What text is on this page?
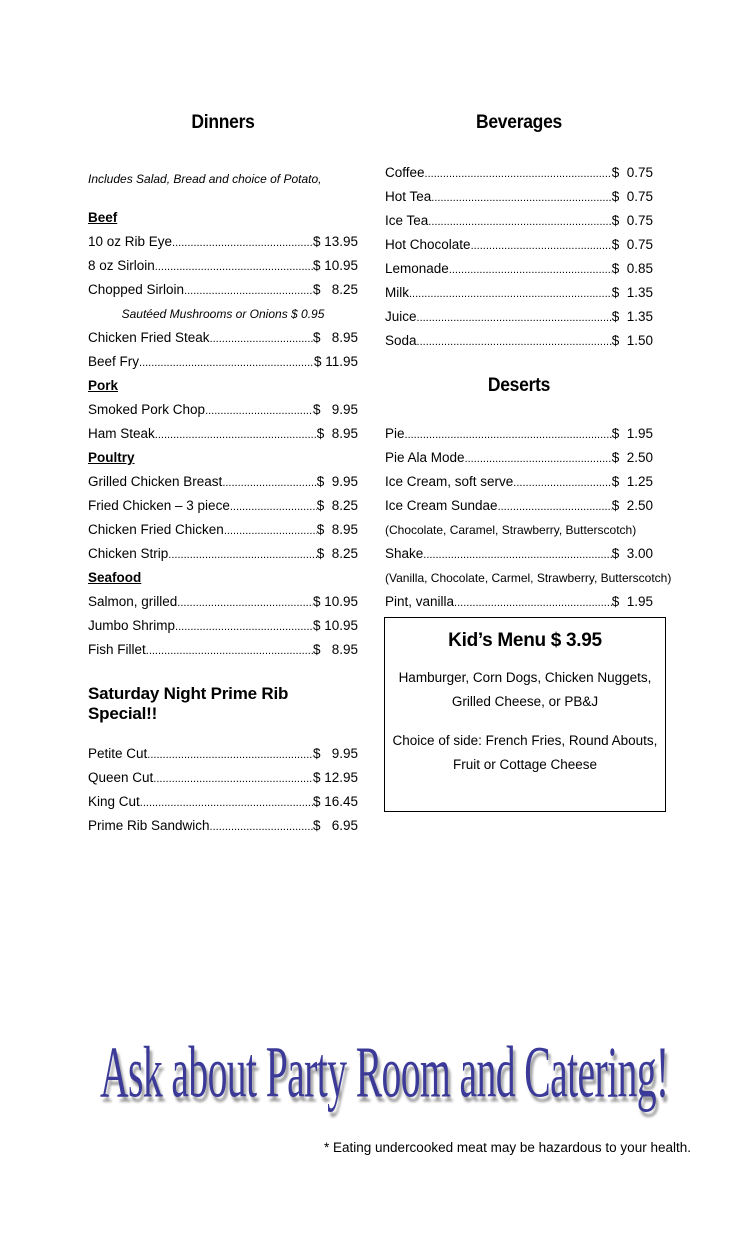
Dinners

Includes Salad, Bread and choice of Potato,

Beef
10 oz Rib Eye .....	$ 13.95
8 oz Sirloin .....	$ 10.95
Chopped Sirloin .....	$   8.25
Sautéed Mushrooms or Onions $ 0.95
Chicken Fried Steak .....	$   8.95
Beef Fry .....	$ 11.95
Pork
Smoked Pork Chop .....	$   9.95
Ham Steak .....	$  8.95
Poultry
Grilled Chicken Breast .....	$  9.95
Fried Chicken – 3 piece .....	$  8.25
Chicken Fried Chicken .....	$  8.95
Chicken Strip .....	$  8.25
Seafood
Salmon, grilled .....	$ 10.95
Jumbo Shrimp .....	$ 10.95
Fish Fillet .....	$   8.95
Saturday Night Prime Rib Special!!
Petite Cut .....	$   9.95
Queen Cut .....	$ 12.95
King Cut .....	$ 16.45
Prime Rib Sandwich .....	$   6.95
Beverages
Coffee .....	$  0.75
Hot Tea .....	$  0.75
Ice Tea .....	$  0.75
Hot Chocolate .....	$  0.75
Lemonade .....	$  0.85
Milk .....	$  1.35
Juice .....	$  1.35
Soda .....	$  1.50
Deserts
Pie .....	$  1.95
Pie Ala Mode .....	$  2.50
Ice Cream, soft serve .....	$  1.25
Ice Cream Sundae .....	$  2.50
(Chocolate, Caramel, Strawberry, Butterscotch)
Shake .....	$  3.00
(Vanilla, Chocolate, Carmel, Strawberry, Butterscotch)
Pint, vanilla .....	$  1.95
Kid’s Menu $ 3.95

Hamburger, Corn Dogs, Chicken Nuggets, Grilled Cheese, or PB&J

Choice of side: French Fries, Round Abouts, Fruit or Cottage Cheese

Ask about Party Room and Catering!
* Eating undercooked meat may be hazardous to your health.
